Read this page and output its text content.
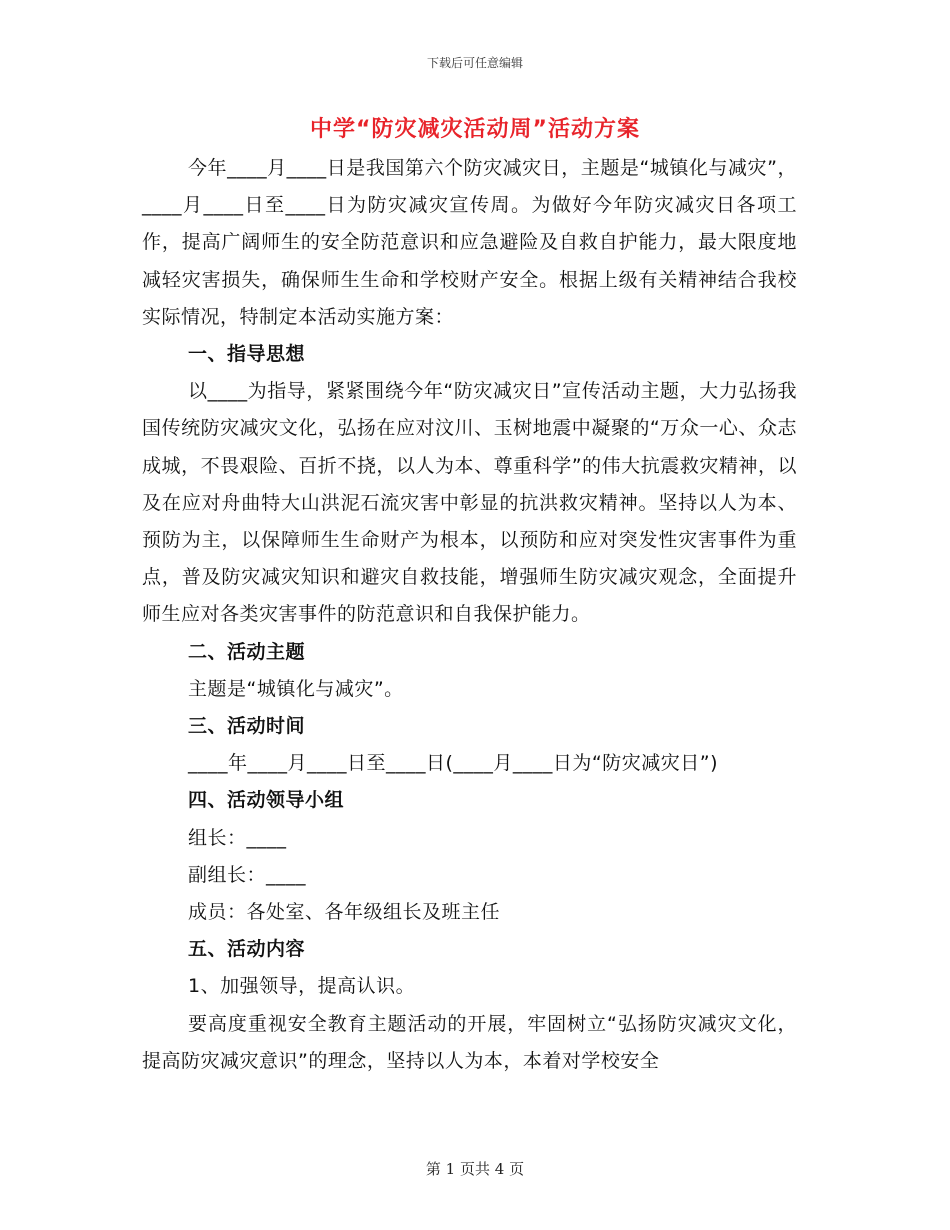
下载后可任意编辑
中学“防灾减灾活动周”活动方案

今年____月____日是我国第六个防灾减灾日，主题是“城镇化与减灾”，____月____日至____日为防灾减灾宣传周。为做好今年防灾减灾日各项工作，提高广阔师生的安全防范意识和应急避险及自救自护能力，最大限度地减轻灾害损失，确保师生生命和学校财产安全。根据上级有关精神结合我校实际情况，特制定本活动实施方案：

一、指导思想

以____为指导，紧紧围绕今年“防灾减灾日”宣传活动主题，大力弘扬我国传统防灾减灾文化，弘扬在应对汶川、玉树地震中凝聚的“万众一心、众志成城，不畏艰险、百折不挠，以人为本、尊重科学”的伟大抗震救灾精神，以及在应对舟曲特大山洪泥石流灾害中彰显的抗洪救灾精神。坚持以人为本、预防为主，以保障师生生命财产为根本，以预防和应对突发性灾害事件为重点，普及防灾减灾知识和避灾自救技能，增强师生防灾减灾观念，全面提升师生应对各类灾害事件的防范意识和自我保护能力。

二、活动主题

主题是“城镇化与减灾”。

三、活动时间

____年____月____日至____日(____月____日为“防灾减灾日”)

四、活动领导小组

组长：____

副组长：____

成员：各处室、各年级组长及班主任

五、活动内容

1、加强领导，提高认识。

要高度重视安全教育主题活动的开展，牢固树立“弘扬防灾减灾文化，提高防灾减灾意识”的理念，坚持以人为本，本着对学校安全

第 1 页共 4 页
